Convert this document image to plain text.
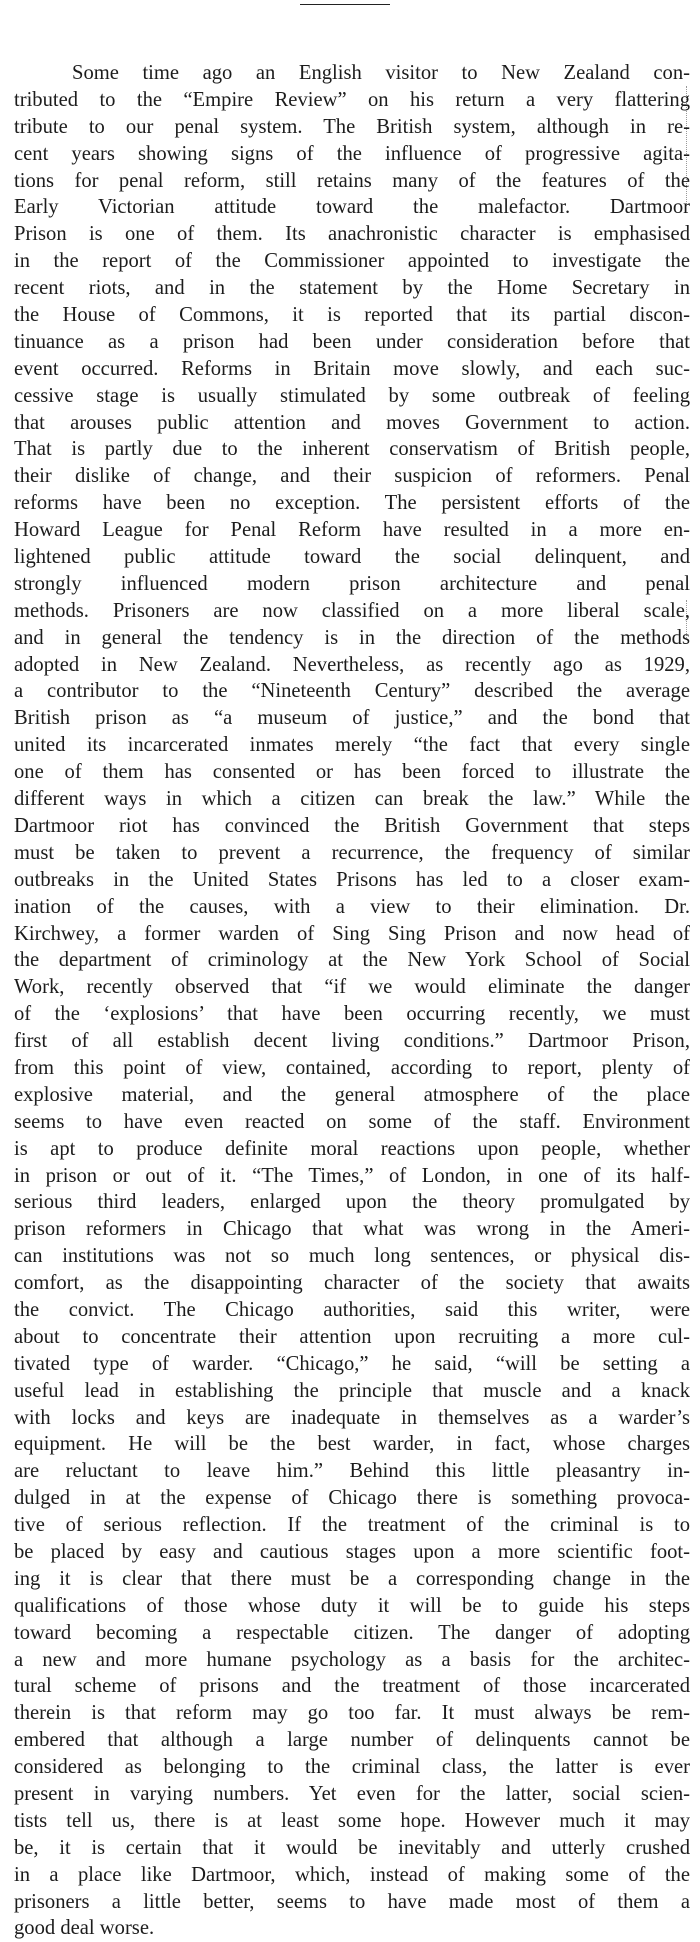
Some time ago an English visitor to New Zealand con-
tributed to the “Empire Review” on his return a very flattering
tribute to our penal system. The British system, although in re-
cent years showing signs of the influence of progressive agita-
tions for penal reform, still retains many of the features of the
Early Victorian attitude toward the malefactor. Dartmoor
Prison is one of them. Its anachronistic character is emphasised
in the report of the Commissioner appointed to investigate the
recent riots, and in the statement by the Home Secretary in
the House of Commons, it is reported that its partial discon-
tinuance as a prison had been under consideration before that
event occurred. Reforms in Britain move slowly, and each suc-
cessive stage is usually stimulated by some outbreak of feeling
that arouses public attention and moves Government to action.
That is partly due to the inherent conservatism of British people,
their dislike of change, and their suspicion of reformers. Penal
reforms have been no exception. The persistent efforts of the
Howard League for Penal Reform have resulted in a more en-
lightened public attitude toward the social delinquent, and
strongly influenced modern prison architecture and penal
methods. Prisoners are now classified on a more liberal scale,
and in general the tendency is in the direction of the methods
adopted in New Zealand. Nevertheless, as recently ago as 1929,
a contributor to the “Nineteenth Century” described the average
British prison as “a museum of justice,” and the bond that
united its incarcerated inmates merely “the fact that every single
one of them has consented or has been forced to illustrate the
different ways in which a citizen can break the law.” While the
Dartmoor riot has convinced the British Government that steps
must be taken to prevent a recurrence, the frequency of similar
outbreaks in the United States Prisons has led to a closer exam-
ination of the causes, with a view to their elimination. Dr.
Kirchwey, a former warden of Sing Sing Prison and now head of
the department of criminology at the New York School of Social
Work, recently observed that “if we would eliminate the danger
of the ‘explosions’ that have been occurring recently, we must
first of all establish decent living conditions.” Dartmoor Prison,
from this point of view, contained, according to report, plenty of
explosive material, and the general atmosphere of the place
seems to have even reacted on some of the staff. Environment
is apt to produce definite moral reactions upon people, whether
in prison or out of it. “The Times,” of London, in one of its half-
serious third leaders, enlarged upon the theory promulgated by
prison reformers in Chicago that what was wrong in the Ameri-
can institutions was not so much long sentences, or physical dis-
comfort, as the disappointing character of the society that awaits
the convict. The Chicago authorities, said this writer, were
about to concentrate their attention upon recruiting a more cul-
tivated type of warder. “Chicago,” he said, “will be setting a
useful lead in establishing the principle that muscle and a knack
with locks and keys are inadequate in themselves as a warder’s
equipment. He will be the best warder, in fact, whose charges
are reluctant to leave him.” Behind this little pleasantry in-
dulged in at the expense of Chicago there is something provoca-
tive of serious reflection. If the treatment of the criminal is to
be placed by easy and cautious stages upon a more scientific foot-
ing it is clear that there must be a corresponding change in the
qualifications of those whose duty it will be to guide his steps
toward becoming a respectable citizen. The danger of adopting
a new and more humane psychology as a basis for the architec-
tural scheme of prisons and the treatment of those incarcerated
therein is that reform may go too far. It must always be rem-
embered that although a large number of delinquents cannot be
considered as belonging to the criminal class, the latter is ever
present in varying numbers. Yet even for the latter, social scien-
tists tell us, there is at least some hope. However much it may
be, it is certain that it would be inevitably and utterly crushed
in a place like Dartmoor, which, instead of making some of the
prisoners a little better, seems to have made most of them a
good deal worse.
